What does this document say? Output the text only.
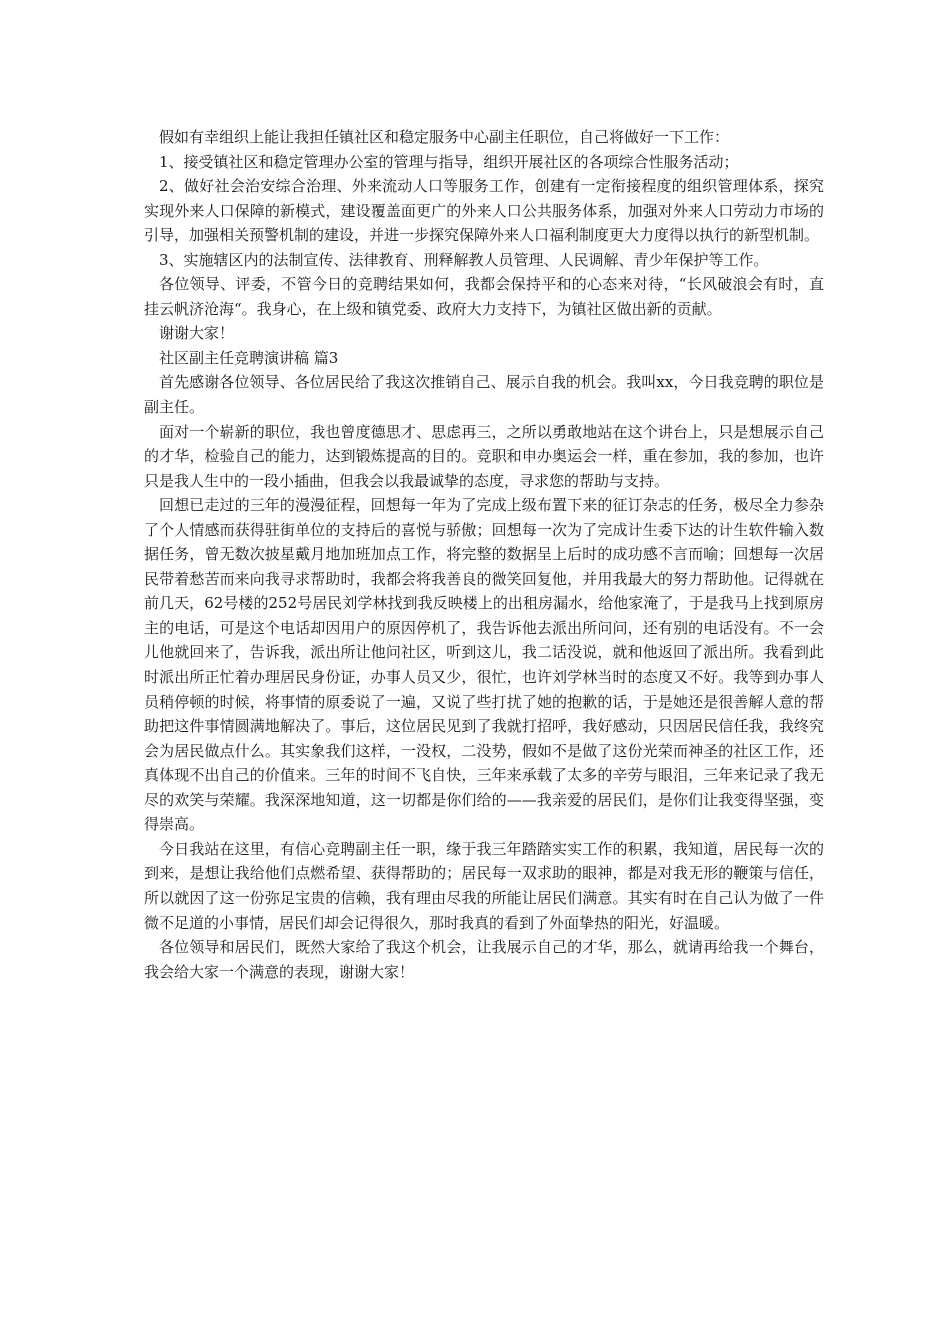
假如有幸组织上能让我担任镇社区和稳定服务中心副主任职位，自己将做好一下工作：

1、接受镇社区和稳定管理办公室的管理与指导，组织开展社区的各项综合性服务活动；

2、做好社会治安综合治理、外来流动人口等服务工作，创建有一定衔接程度的组织管理体系，探究实现外来人口保障的新模式，建设覆盖面更广的外来人口公共服务体系，加强对外来人口劳动力市场的引导，加强相关预警机制的建设，并进一步探究保障外来人口福利制度更大力度得以执行的新型机制。

3、实施辖区内的法制宣传、法律教育、刑释解教人员管理、人民调解、青少年保护等工作。

各位领导、评委，不管今日的竞聘结果如何，我都会保持平和的心态来对待，“长风破浪会有时，直挂云帆济沧海“。我身心，在上级和镇党委、政府大力支持下，为镇社区做出新的贡献。

谢谢大家！

社区副主任竞聘演讲稿 篇3

首先感谢各位领导、各位居民给了我这次推销自己、展示自我的机会。我叫xx，今日我竞聘的职位是副主任。

面对一个崭新的职位，我也曾度德思才、思虑再三，之所以勇敢地站在这个讲台上，只是想展示自己的才华，检验自己的能力，达到锻炼提高的目的。竞职和申办奥运会一样，重在参加，我的参加，也许只是我人生中的一段小插曲，但我会以我最诚挚的态度，寻求您的帮助与支持。

回想已走过的三年的漫漫征程，回想每一年为了完成上级布置下来的征订杂志的任务，极尽全力参杂了个人情感而获得驻街单位的支持后的喜悦与骄傲；回想每一次为了完成计生委下达的计生软件输入数据任务，曾无数次披星戴月地加班加点工作，将完整的数据呈上后时的成功感不言而喻；回想每一次居民带着愁苦而来向我寻求帮助时，我都会将我善良的微笑回复他，并用我最大的努力帮助他。记得就在前几天，62号楼的252号居民刘学林找到我反映楼上的出租房漏水，给他家淹了，于是我马上找到原房主的电话，可是这个电话却因用户的原因停机了，我告诉他去派出所问问，还有别的电话没有。不一会儿他就回来了，告诉我，派出所让他问社区，听到这儿，我二话没说，就和他返回了派出所。我看到此时派出所正忙着办理居民身份证，办事人员又少，很忙，也许刘学林当时的态度又不好。我等到办事人员稍停顿的时候，将事情的原委说了一遍，又说了些打扰了她的抱歉的话，于是她还是很善解人意的帮助把这件事情圆满地解决了。事后，这位居民见到了我就打招呼，我好感动，只因居民信任我，我终究会为居民做点什么。其实象我们这样，一没权，二没势，假如不是做了这份光荣而神圣的社区工作，还真体现不出自己的价值来。三年的时间不飞自快，三年来承载了太多的辛劳与眼泪，三年来记录了我无尽的欢笑与荣耀。我深深地知道，这一切都是你们给的——我亲爱的居民们，是你们让我变得坚强，变得崇高。

今日我站在这里，有信心竞聘副主任一职，缘于我三年踏踏实实工作的积累，我知道，居民每一次的到来，是想让我给他们点燃希望、获得帮助的；居民每一双求助的眼神，都是对我无形的鞭策与信任，所以就因了这一份弥足宝贵的信赖，我有理由尽我的所能让居民们满意。其实有时在自己认为做了一件微不足道的小事情，居民们却会记得很久，那时我真的看到了外面挚热的阳光，好温暖。

各位领导和居民们，既然大家给了我这个机会，让我展示自己的才华，那么，就请再给我一个舞台，我会给大家一个满意的表现，谢谢大家！
